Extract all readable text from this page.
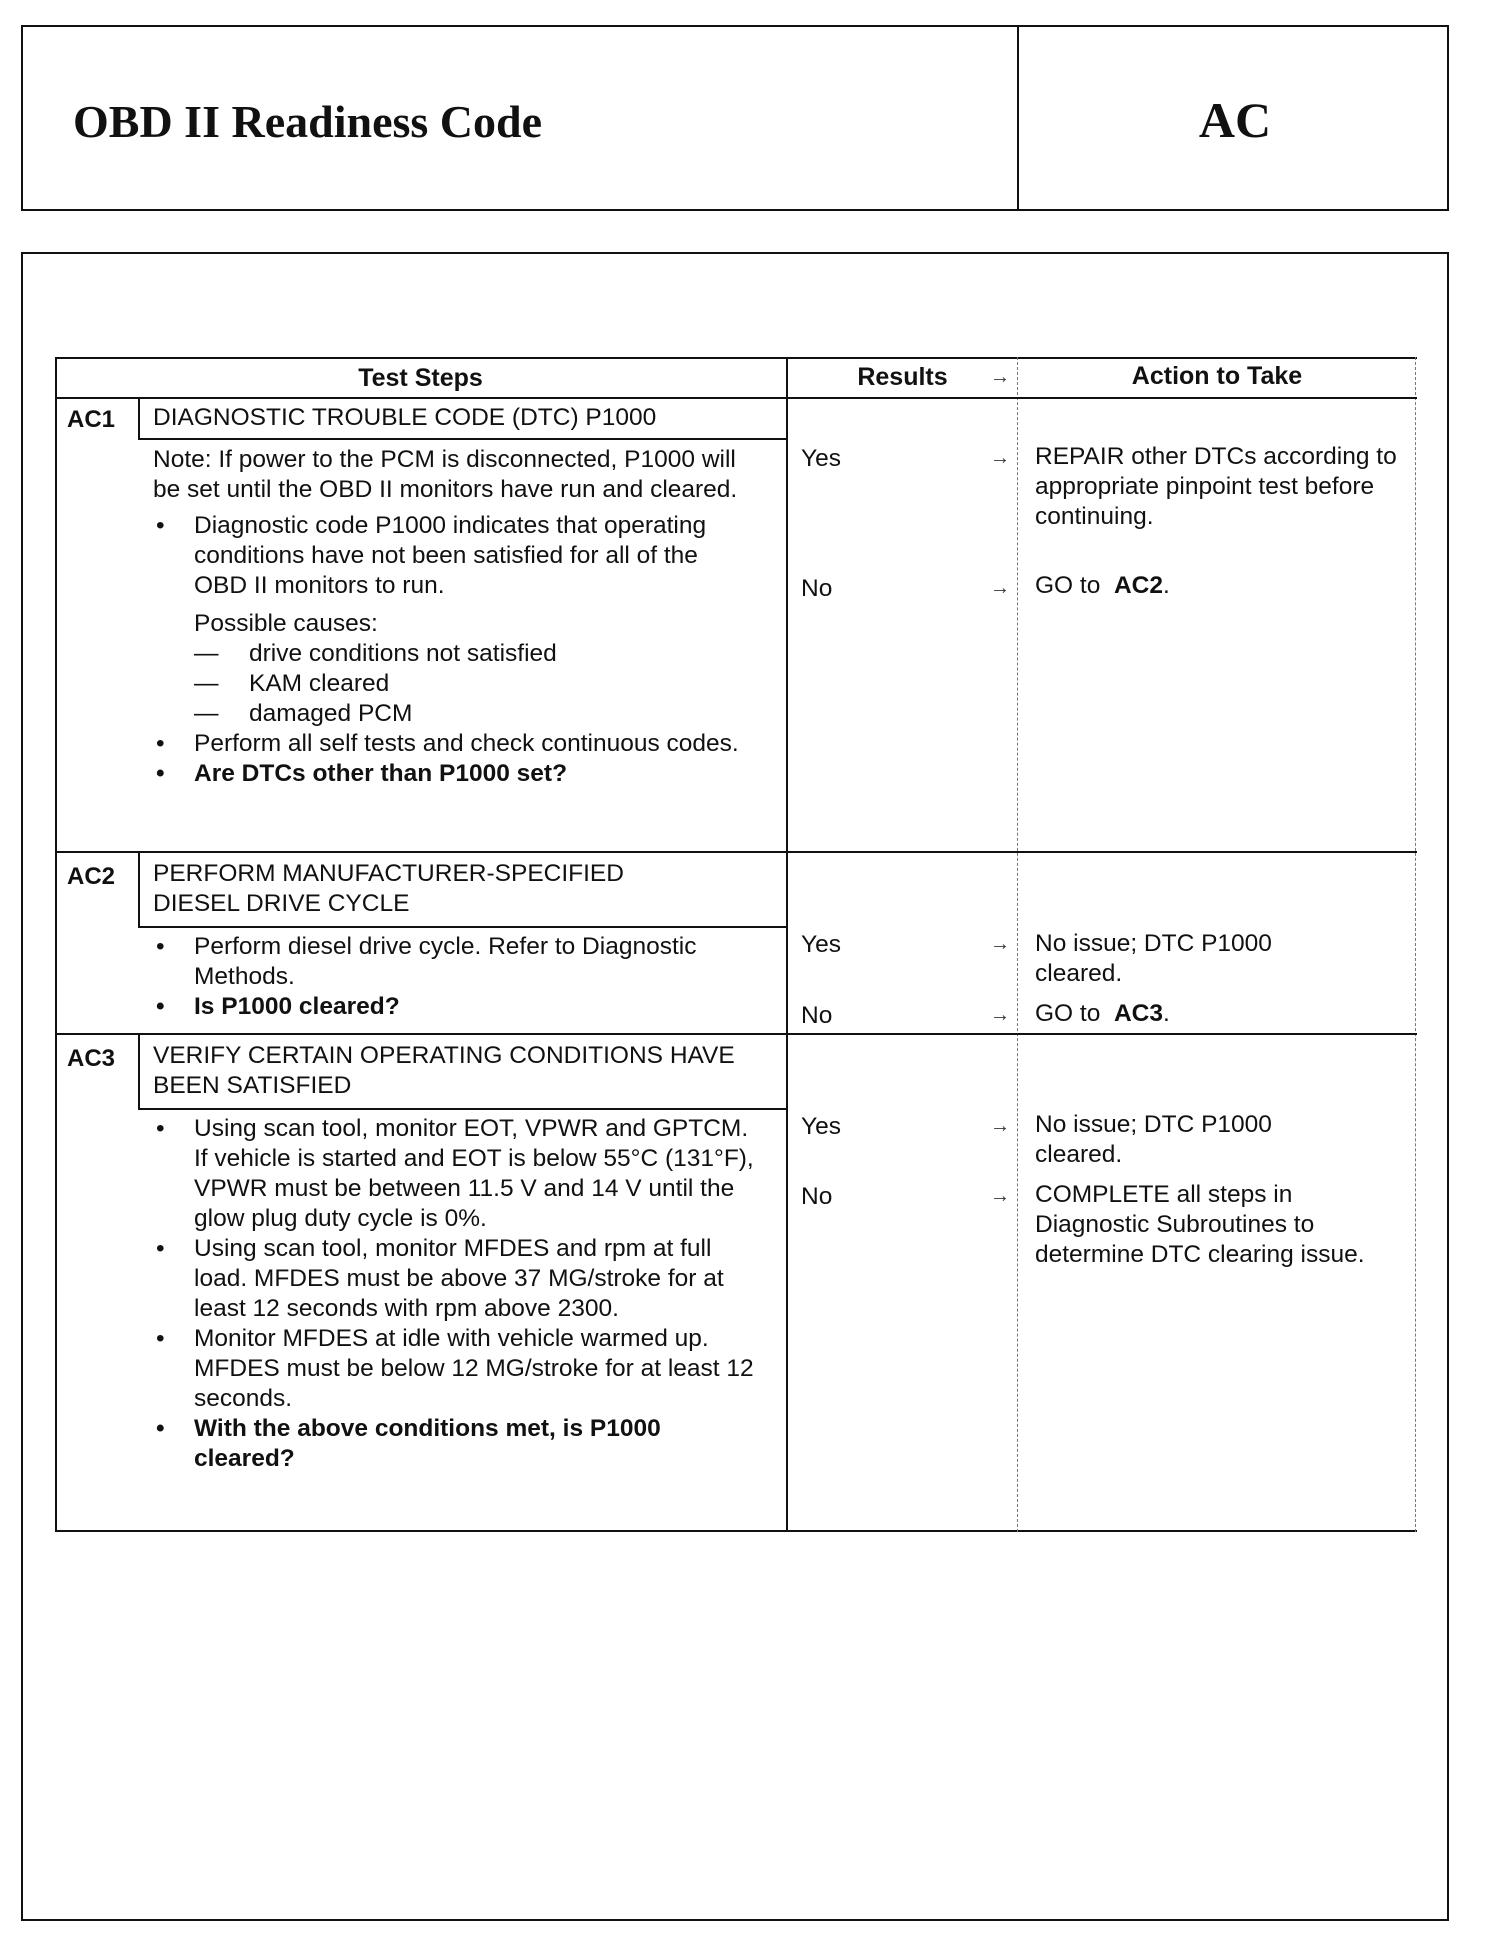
OBD II Readiness Code	AC
Test Steps	Results	→	Action to Take
AC1 DIAGNOSTIC TROUBLE CODE (DTC) P1000
Note: If power to the PCM is disconnected, P1000 will be set until the OBD II monitors have run and cleared.
• Diagnostic code P1000 indicates that operating conditions have not been satisfied for all of the OBD II monitors to run.
Possible causes:
— drive conditions not satisfied
— KAM cleared
— damaged PCM
• Perform all self tests and check continuous codes.
• Are DTCs other than P1000 set?
Yes	→ REPAIR other DTCs according to appropriate pinpoint test before continuing.
No	→ GO to AC2.
AC2 PERFORM MANUFACTURER-SPECIFIED DIESEL DRIVE CYCLE
• Perform diesel drive cycle. Refer to Diagnostic Methods.
• Is P1000 cleared?
Yes	→ No issue; DTC P1000 cleared.
No	→ GO to AC3.
AC3 VERIFY CERTAIN OPERATING CONDITIONS HAVE BEEN SATISFIED
• Using scan tool, monitor EOT, VPWR and GPTCM. If vehicle is started and EOT is below 55°C (131°F), VPWR must be between 11.5 V and 14 V until the glow plug duty cycle is 0%.
• Using scan tool, monitor MFDES and rpm at full load. MFDES must be above 37 MG/stroke for at least 12 seconds with rpm above 2300.
• Monitor MFDES at idle with vehicle warmed up. MFDES must be below 12 MG/stroke for at least 12 seconds.
• With the above conditions met, is P1000 cleared?
Yes	→ No issue; DTC P1000 cleared.
No	→ COMPLETE all steps in Diagnostic Subroutines to determine DTC clearing issue.
